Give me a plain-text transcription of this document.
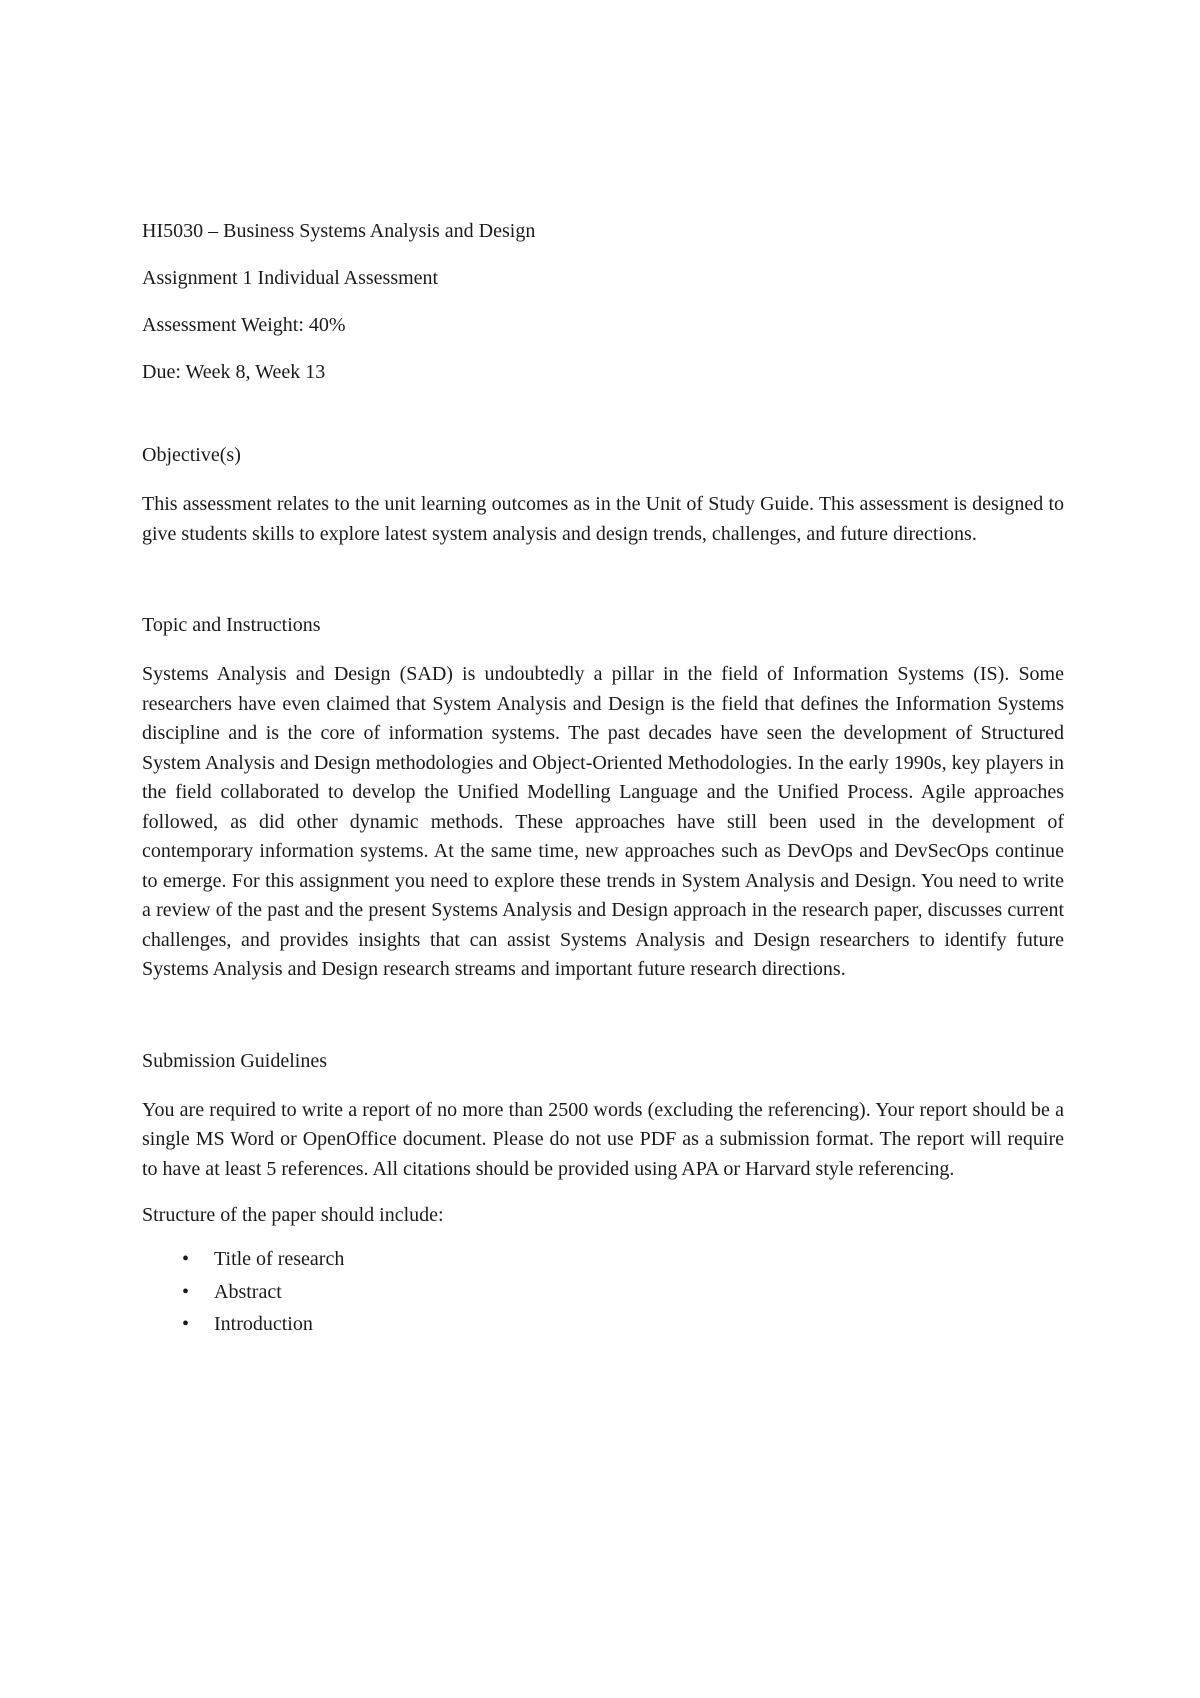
HI5030 – Business Systems Analysis and Design

Assignment 1 Individual Assessment

Assessment Weight: 40%

Due: Week 8, Week 13

Objective(s)

This assessment relates to the unit learning outcomes as in the Unit of Study Guide. This assessment is designed to give students skills to explore latest system analysis and design trends, challenges, and future directions.

Topic and Instructions

Systems Analysis and Design (SAD) is undoubtedly a pillar in the field of Information Systems (IS). Some researchers have even claimed that System Analysis and Design is the field that defines the Information Systems discipline and is the core of information systems. The past decades have seen the development of Structured System Analysis and Design methodologies and Object-Oriented Methodologies. In the early 1990s, key players in the field collaborated to develop the Unified Modelling Language and the Unified Process. Agile approaches followed, as did other dynamic methods. These approaches have still been used in the development of contemporary information systems. At the same time, new approaches such as DevOps and DevSecOps continue to emerge. For this assignment you need to explore these trends in System Analysis and Design. You need to write a review of the past and the present Systems Analysis and Design approach in the research paper, discusses current challenges, and provides insights that can assist Systems Analysis and Design researchers to identify future Systems Analysis and Design research streams and important future research directions.

Submission Guidelines

You are required to write a report of no more than 2500 words (excluding the referencing). Your report should be a single MS Word or OpenOffice document. Please do not use PDF as a submission format. The report will require to have at least 5 references. All citations should be provided using APA or Harvard style referencing.

Structure of the paper should include:

• Title of research
• Abstract
• Introduction
